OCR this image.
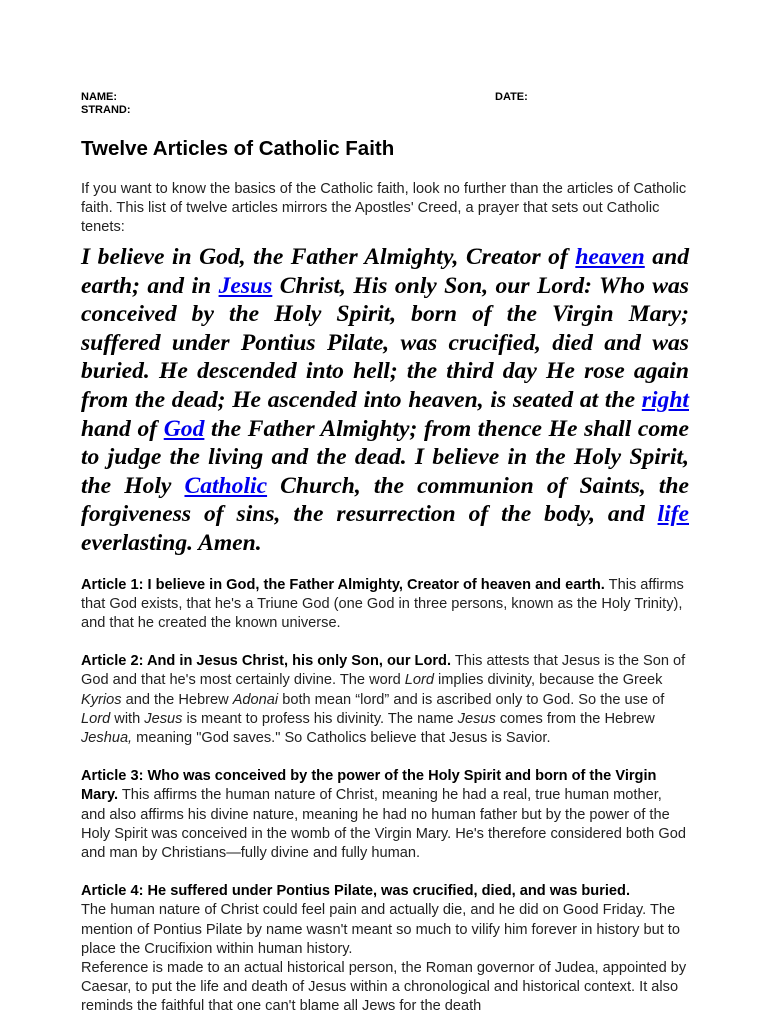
NAME:
STRAND:
DATE:
Twelve Articles of Catholic Faith

If you want to know the basics of the Catholic faith, look no further than the articles of Catholic faith. This list of twelve articles mirrors the Apostles' Creed, a prayer that sets out Catholic tenets:

I believe in God, the Father Almighty, Creator of heaven and earth; and in Jesus Christ, His only Son, our Lord: Who was conceived by the Holy Spirit, born of the Virgin Mary; suffered under Pontius Pilate, was crucified, died and was buried. He descended into hell; the third day He rose again from the dead; He ascended into heaven, is seated at the right hand of God the Father Almighty; from thence He shall come to judge the living and the dead. I believe in the Holy Spirit, the Holy Catholic Church, the communion of Saints, the forgiveness of sins, the resurrection of the body, and life everlasting. Amen.

Article 1: I believe in God, the Father Almighty, Creator of heaven and earth. This affirms that God exists, that he's a Triune God (one God in three persons, known as the Holy Trinity), and that he created the known universe.

Article 2: And in Jesus Christ, his only Son, our Lord. This attests that Jesus is the Son of God and that he's most certainly divine. The word Lord implies divinity, because the Greek Kyrios and the Hebrew Adonai both mean “lord” and is ascribed only to God. So the use of Lord with Jesus is meant to profess his divinity. The name Jesus comes from the Hebrew Jeshua, meaning "God saves." So Catholics believe that Jesus is Savior.

Article 3: Who was conceived by the power of the Holy Spirit and born of the Virgin Mary. This affirms the human nature of Christ, meaning he had a real, true human mother, and also affirms his divine nature, meaning he had no human father but by the power of the Holy Spirit was conceived in the womb of the Virgin Mary. He's therefore considered both God and man by Christians—fully divine and fully human.

Article 4: He suffered under Pontius Pilate, was crucified, died, and was buried.
The human nature of Christ could feel pain and actually die, and he did on Good Friday. The mention of Pontius Pilate by name wasn't meant so much to vilify him forever in history but to place the Crucifixion within human history.
Reference is made to an actual historical person, the Roman governor of Judea, appointed by Caesar, to put the life and death of Jesus within a chronological and historical context. It also reminds the faithful that one can't blame all Jews for the death
